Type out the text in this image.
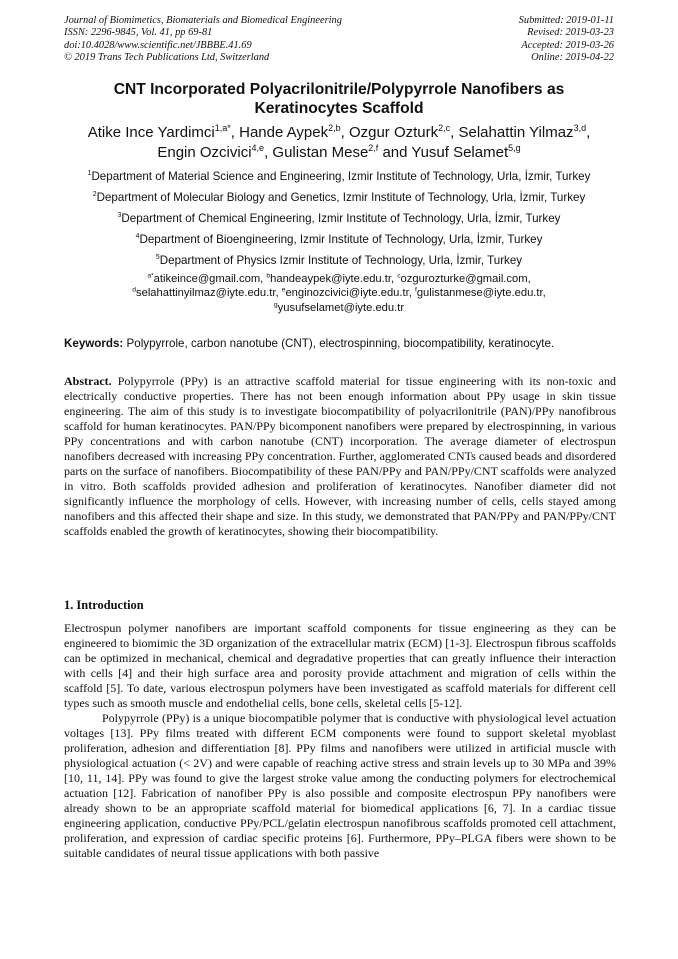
Journal of Biomimetics, Biomaterials and Biomedical Engineering
ISSN: 2296-9845, Vol. 41, pp 69-81
doi:10.4028/www.scientific.net/JBBBE.41.69
© 2019 Trans Tech Publications Ltd, Switzerland
Submitted: 2019-01-11
Revised: 2019-03-23
Accepted: 2019-03-26
Online: 2019-04-22
CNT Incorporated Polyacrilonitrile/Polypyrrole Nanofibers as Keratinocytes Scaffold
Atike Ince Yardimci$^{1,a*}$, Hande Aypek$^{2,b}$, Ozgur Ozturk$^{2,c}$, Selahattin Yilmaz$^{3,d}$,
Engin Ozcivici$^{4,e}$, Gulistan Mese$^{2,f}$ and Yusuf Selamet$^{5,g}$
$^1$Department of Material Science and Engineering, Izmir Institute of Technology, Urla, İzmir, Turkey
$^2$Department of Molecular Biology and Genetics, Izmir Institute of Technology, Urla, İzmir, Turkey
$^3$Department of Chemical Engineering, Izmir Institute of Technology, Urla, İzmir, Turkey
$^4$Department of Bioengineering, Izmir Institute of Technology, Urla, İzmir, Turkey
$^5$Department of Physics Izmir Institute of Technology, Urla, İzmir, Turkey
$^{a*}$atikeince@gmail.com, $^b$handeaypek@iyte.edu.tr, $^c$ozgurozturke@gmail.com,
$^d$selahattinyilmaz@iyte.edu.tr, $^e$enginozcivici@iyte.edu.tr, $^f$gulistanmese@iyte.edu.tr,
$^g$yusufselamet@iyte.edu.tr
Keywords: Polypyrrole, carbon nanotube (CNT), electrospinning, biocompatibility, keratinocyte.
Abstract. Polypyrrole (PPy) is an attractive scaffold material for tissue engineering with its non-toxic and electrically conductive properties. There has not been enough information about PPy usage in skin tissue engineering. The aim of this study is to investigate biocompatibility of polyacrilonitrile (PAN)/PPy nanofibrous scaffold for human keratinocytes. PAN/PPy bicomponent nanofibers were prepared by electrospinning, in various PPy concentrations and with carbon nanotube (CNT) incorporation. The average diameter of electrospun nanofibers decreased with increasing PPy concentration. Further, agglomerated CNTs caused beads and disordered parts on the surface of nanofibers. Biocompatibility of these PAN/PPy and PAN/PPy/CNT scaffolds were analyzed in vitro. Both scaffolds provided adhesion and proliferation of keratinocytes. Nanofiber diameter did not significantly influence the morphology of cells. However, with increasing number of cells, cells stayed among nanofibers and this affected their shape and size. In this study, we demonstrated that PAN/PPy and PAN/PPy/CNT scaffolds enabled the growth of keratinocytes, showing their biocompatibility.
1. Introduction

Electrospun polymer nanofibers are important scaffold components for tissue engineering as they can be engineered to biomimic the 3D organization of the extracellular matrix (ECM) [1-3]. Electrospun fibrous scaffolds can be optimized in mechanical, chemical and degradative properties that can greatly influence their interaction with cells [4] and their high surface area and porosity provide attachment and migration of cells within the scaffold [5]. To date, various electrospun polymers have been investigated as scaffold materials for different cell types such as smooth muscle and endothelial cells, bone cells, skeletal cells [5-12].

Polypyrrole (PPy) is a unique biocompatible polymer that is conductive with physiological level actuation voltages [13]. PPy films treated with different ECM components were found to support skeletal myoblast proliferation, adhesion and differentiation [8]. PPy films and nanofibers were utilized in artificial muscle with physiological actuation (< 2V) and were capable of reaching active stress and strain levels up to 30 MPa and 39% [10, 11, 14]. PPy was found to give the largest stroke value among the conducting polymers for electrochemical actuation [12]. Fabrication of nanofiber PPy is also possible and composite electrospun PPy nanofibers were already shown to be an appropriate scaffold material for biomedical applications [6, 7]. In a cardiac tissue engineering application, conductive PPy/PCL/gelatin electrospun nanofibrous scaffolds promoted cell attachment, proliferation, and expression of cardiac specific proteins [6]. Furthermore, PPy–PLGA fibers were shown to be suitable candidates of neural tissue applications with both passive
